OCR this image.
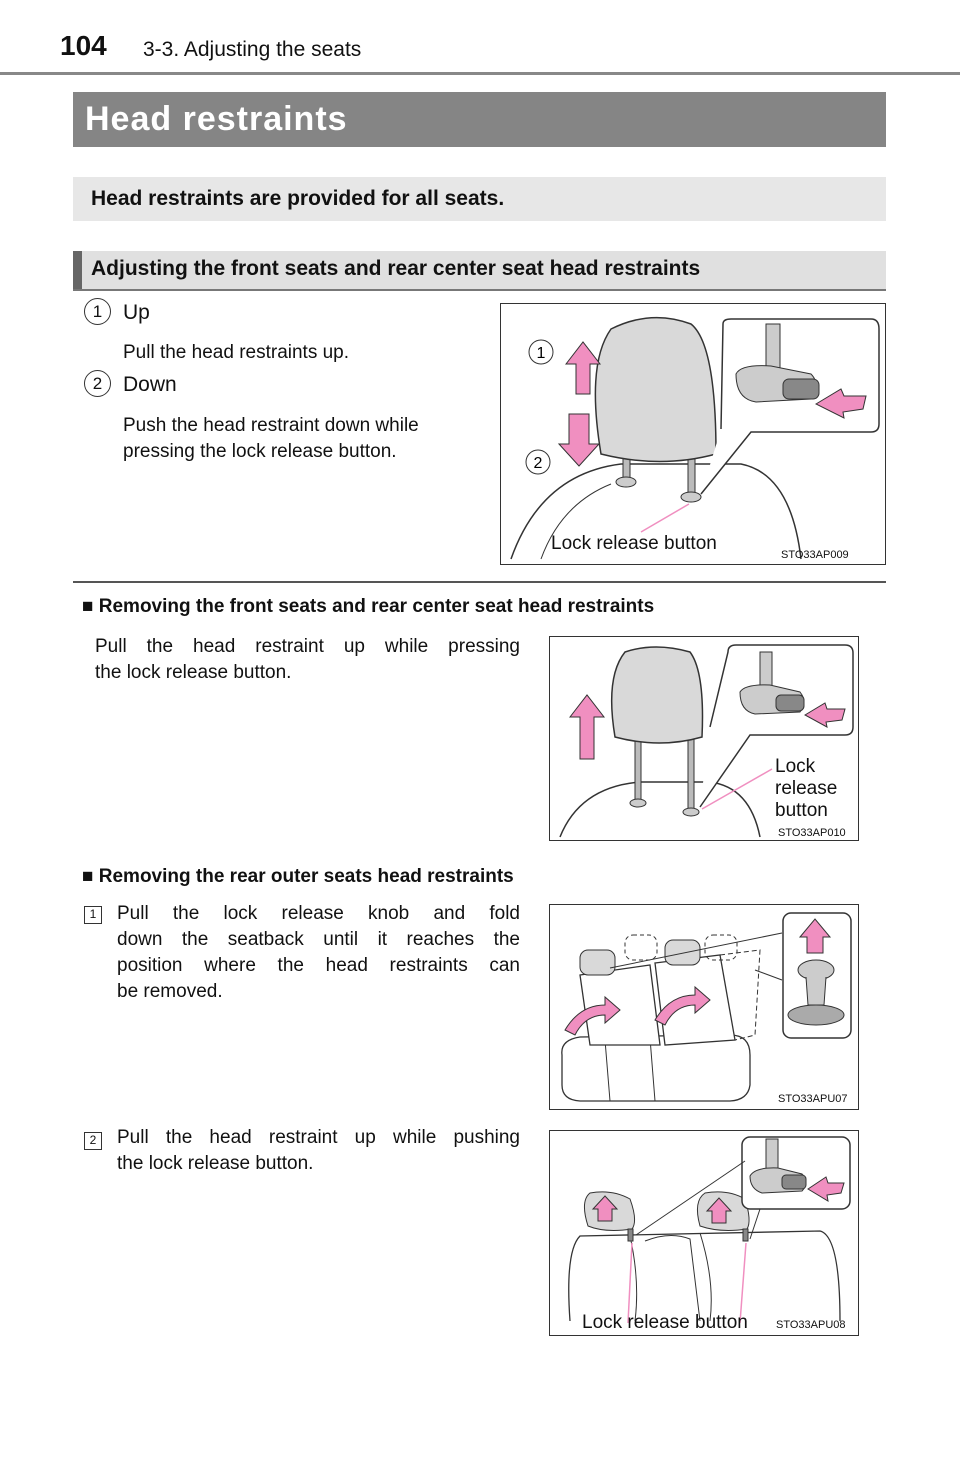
104 3-3. Adjusting the seats
Head restraints
Head restraints are provided for all seats.
Adjusting the front seats and rear center seat head restraints
1 Up
Pull the head restraints up.
2 Down
Push the head restraint down while
pressing the lock release button.
1
2
Lock release button
STO33AP009
■ Removing the front seats and rear center seat head restraints
Pull the head restraint up while pressing
the lock release button.
Lock
release
button
STO33AP010
■ Removing the rear outer seats head restraints
1 Pull the lock release knob and fold
down the seatback until it reaches the
position where the head restraints can
be removed.
STO33APU07
2 Pull the head restraint up while pushing
the lock release button.
Lock release button	STO33APU08
